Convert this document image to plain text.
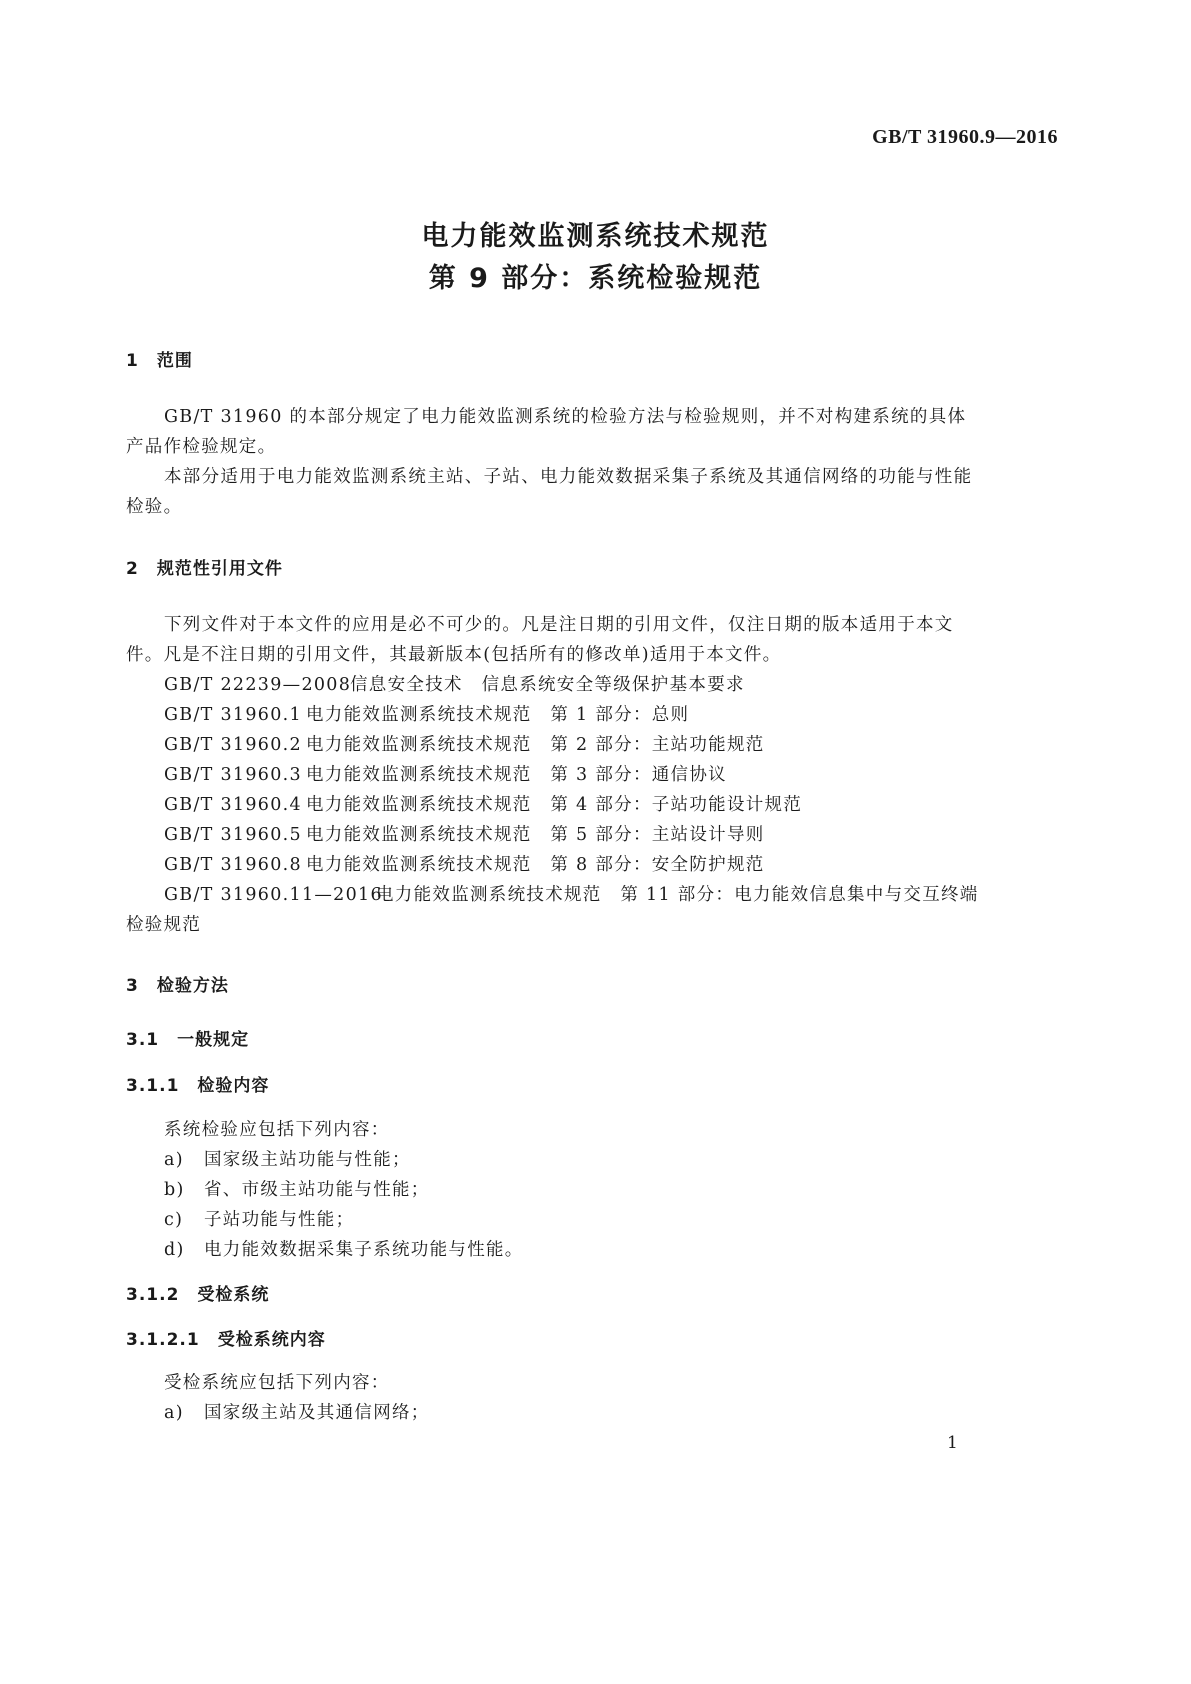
GB/T 31960.9—2016
电力能效监测系统技术规范
第 9 部分：系统检验规范
1　范围
GB/T 31960 的本部分规定了电力能效监测系统的检验方法与检验规则，并不对构建系统的具体
产品作检验规定。
本部分适用于电力能效监测系统主站、子站、电力能效数据采集子系统及其通信网络的功能与性能
检验。
2　规范性引用文件
下列文件对于本文件的应用是必不可少的。凡是注日期的引用文件，仅注日期的版本适用于本文
件。凡是不注日期的引用文件，其最新版本(包括所有的修改单)适用于本文件。
GB/T 22239—2008信息安全技术　信息系统安全等级保护基本要求
GB/T 31960.1 电力能效监测系统技术规范　第 1 部分：总则
GB/T 31960.2 电力能效监测系统技术规范　第 2 部分：主站功能规范
GB/T 31960.3 电力能效监测系统技术规范　第 3 部分：通信协议
GB/T 31960.4 电力能效监测系统技术规范　第 4 部分：子站功能设计规范
GB/T 31960.5 电力能效监测系统技术规范　第 5 部分：主站设计导则
GB/T 31960.8 电力能效监测系统技术规范　第 8 部分：安全防护规范
GB/T 31960.11—2016电力能效监测系统技术规范　第 11 部分：电力能效信息集中与交互终端
检验规范
3　检验方法
3.1　一般规定
3.1.1　检验内容
系统检验应包括下列内容：
a) 国家级主站功能与性能；
b) 省、市级主站功能与性能；
c) 子站功能与性能；
d) 电力能效数据采集子系统功能与性能。
3.1.2　受检系统
3.1.2.1　受检系统内容
受检系统应包括下列内容：
a) 国家级主站及其通信网络；
1
